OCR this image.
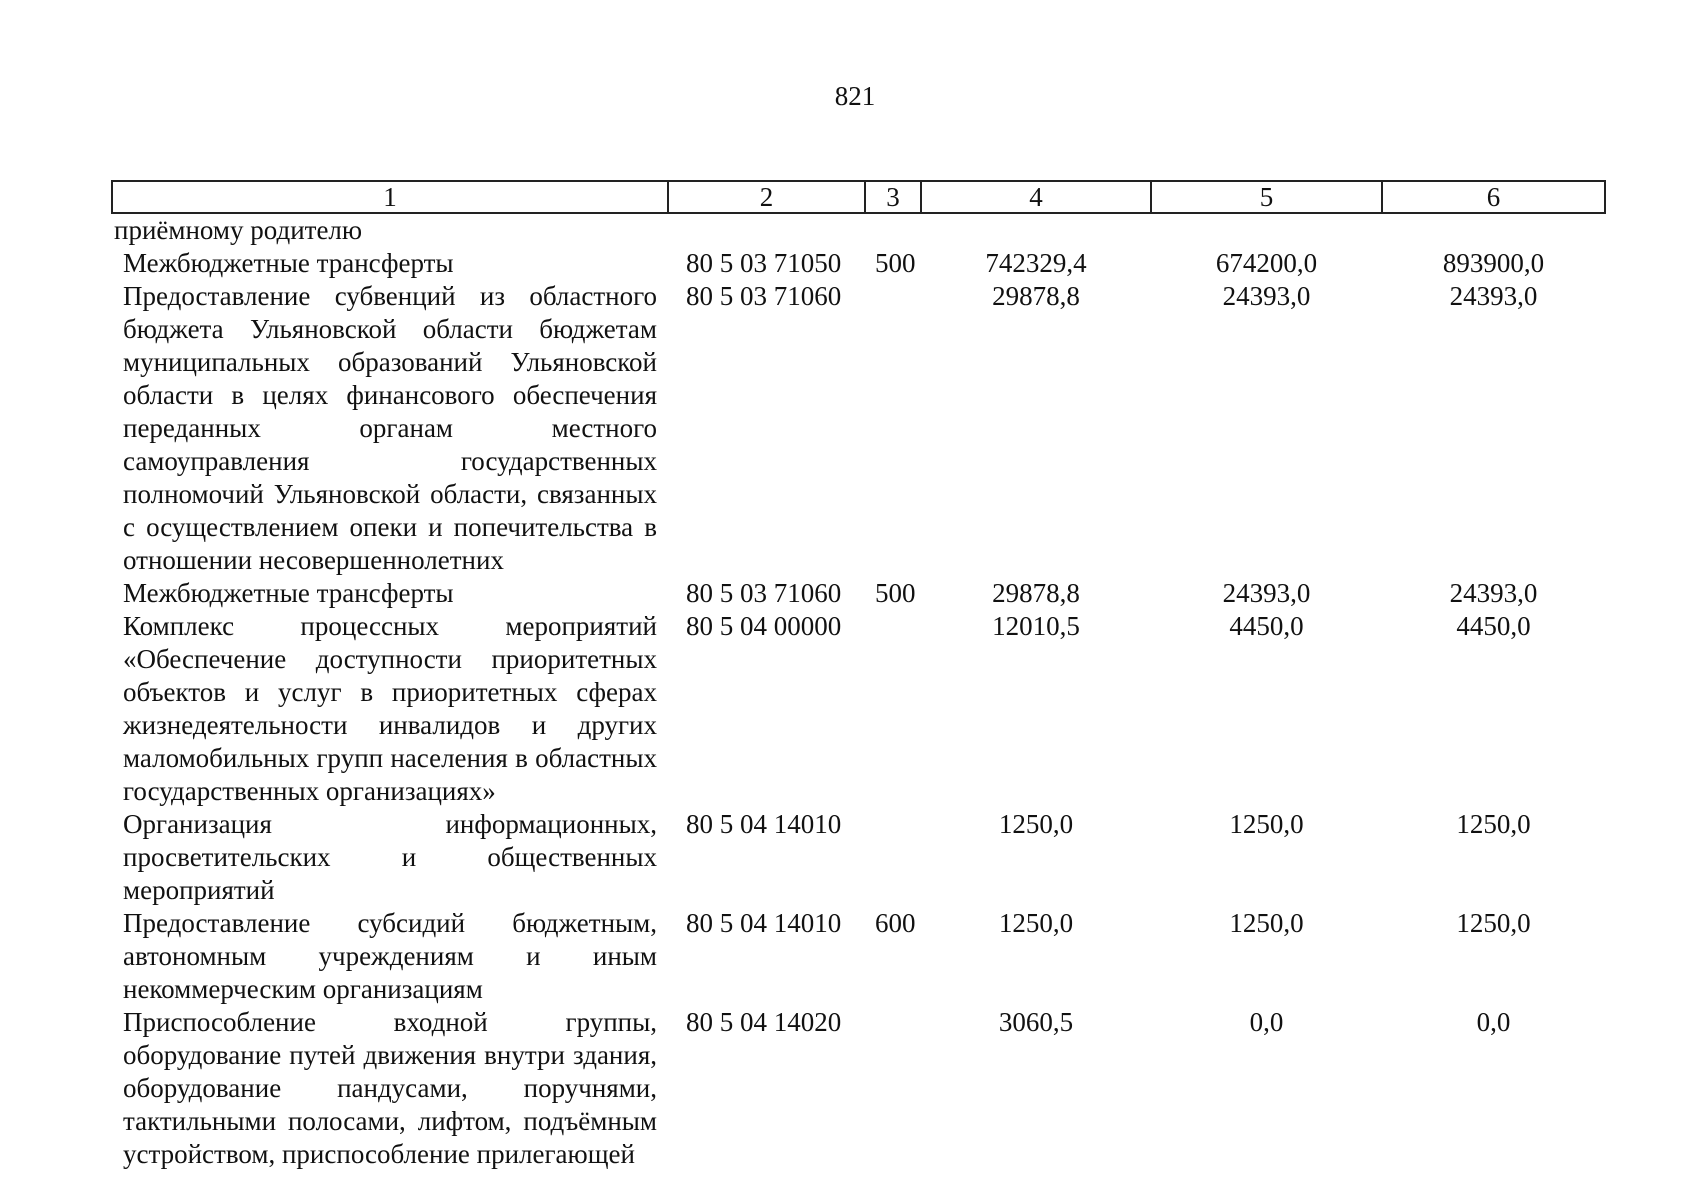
821
1	2	3	4	5	6
приёмному родителю					
Межбюджетные трансферты	80 5 03 71050	500	742329,4	674200,0	893900,0
Предоставление субвенций из областного бюджета Ульяновской области бюджетам муниципальных образований Ульяновской области в целях финансового обеспечения переданных органам местного самоуправления государственных полномочий Ульяновской области, связанных с осуществлением опеки и попечительства в отношении несовершеннолетних	80 5 03 71060		29878,8	24393,0	24393,0
Межбюджетные трансферты	80 5 03 71060	500	29878,8	24393,0	24393,0
Комплекс процессных мероприятий «Обеспечение доступности приоритетных объектов и услуг в приоритетных сферах жизнедеятельности инвалидов и других маломобильных групп населения в областных государственных организациях»	80 5 04 00000		12010,5	4450,0	4450,0
Организация информационных, просветительских и общественных мероприятий	80 5 04 14010		1250,0	1250,0	1250,0
Предоставление субсидий бюджетным, автономным учреждениям и иным некоммерческим организациям	80 5 04 14010	600	1250,0	1250,0	1250,0
Приспособление входной группы, оборудование путей движения внутри здания, оборудование пандусами, поручнями, тактильными полосами, лифтом, подъёмным устройством, приспособление прилегающей	80 5 04 14020		3060,5	0,0	0,0
